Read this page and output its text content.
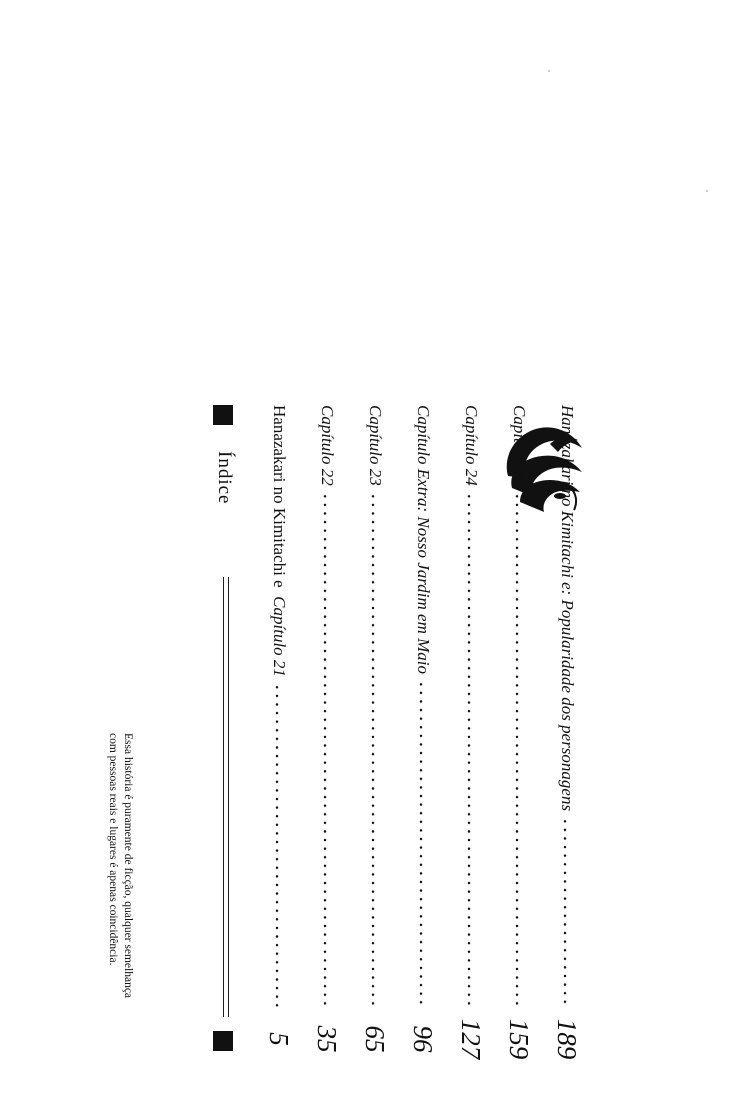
Índice Hanazakari no Kimitachi e  Capítulo 21
5
Capítulo 22
35
Capítulo 23
65
Capítulo Extra: Nosso Jardim em Maio
96
Capítulo 24
127
Capítulo 25
159
Hanazakari no Kimitachi e: Popularidade dos personagens
189
Essa história é puramente de ficção, qualquer semelhança
com pessoas reais e lugares é apenas coincidência.
